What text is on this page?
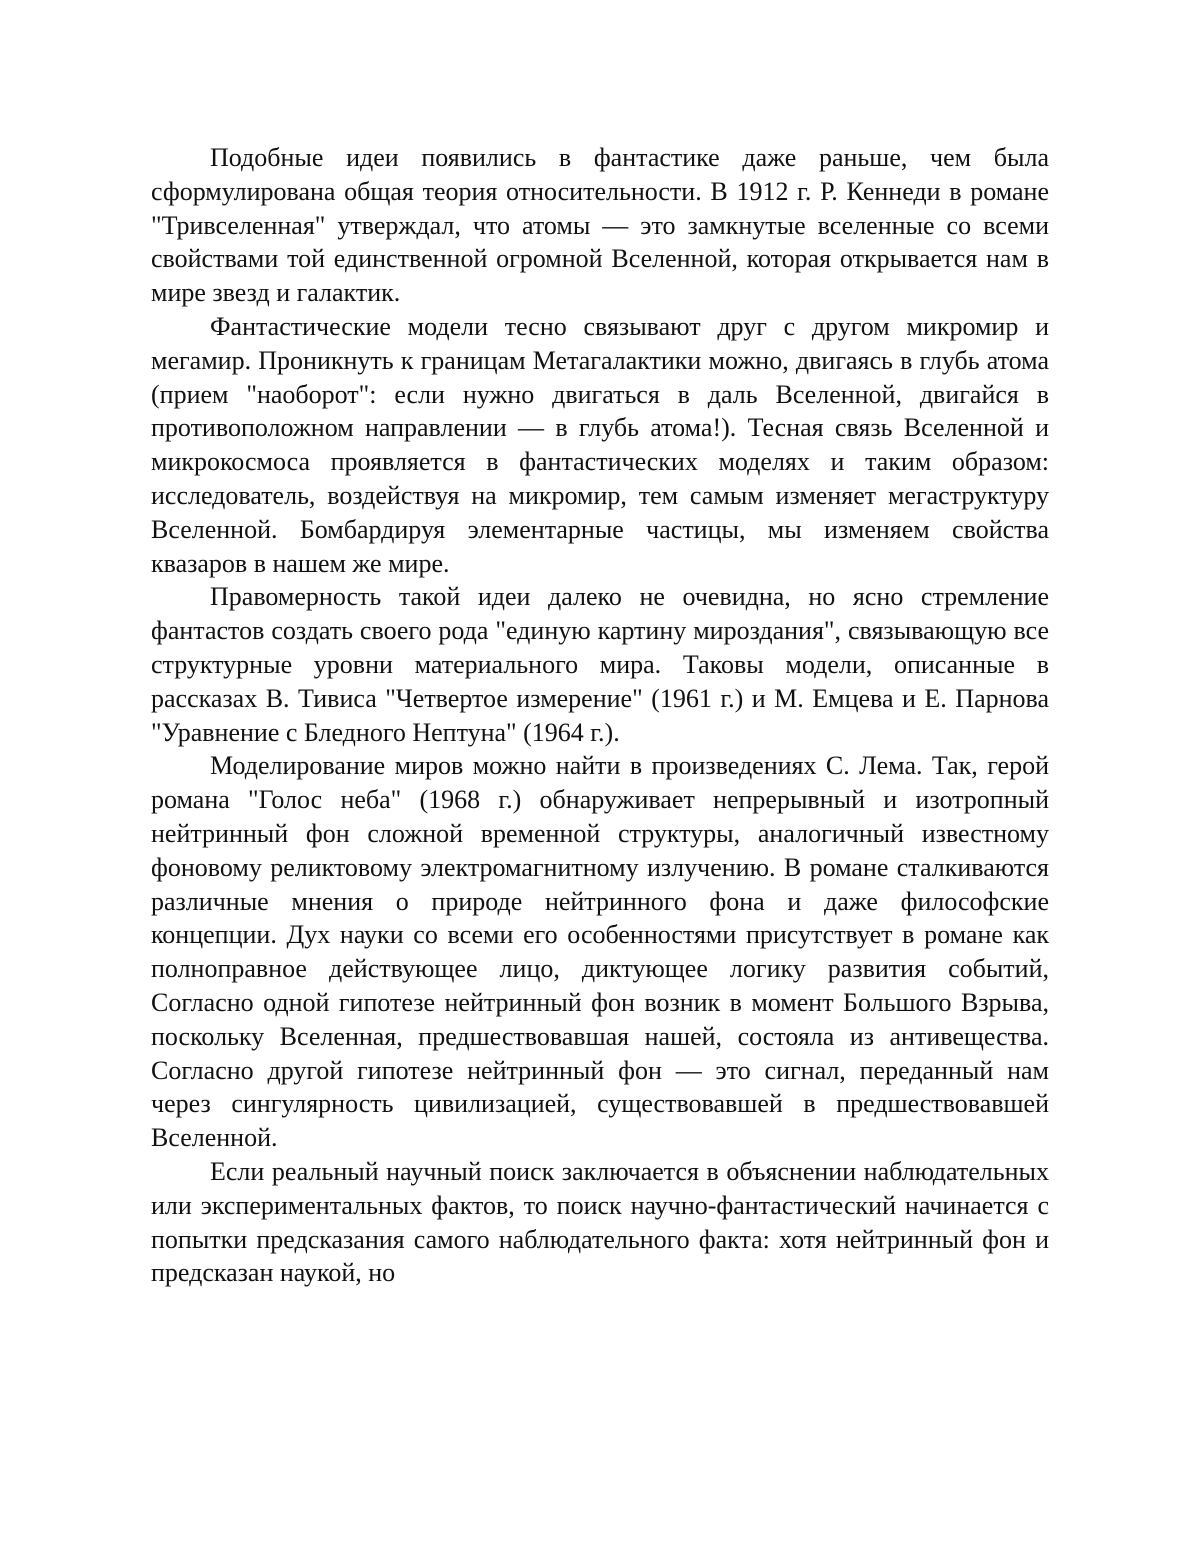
Подобные идеи появились в фантастике даже раньше, чем была сформулирована общая теория относительности. В 1912 г. Р. Кеннеди в романе "Тривселенная" утверждал, что атомы — это замкнутые вселенные со всеми свойствами той единственной огромной Вселенной, которая открывается нам в мире звезд и галактик.

Фантастические модели тесно связывают друг с другом микромир и мегамир. Проникнуть к границам Метагалактики можно, двигаясь в глубь атома (прием "наоборот": если нужно двигаться в даль Вселенной, двигайся в противоположном направлении — в глубь атома!). Тесная связь Вселенной и микрокосмоса проявляется в фантастических моделях и таким образом: исследователь, воздействуя на микромир, тем самым изменяет мегаструктуру Вселенной. Бомбардируя элементарные частицы, мы изменяем свойства квазаров в нашем же мире.

Правомерность такой идеи далеко не очевидна, но ясно стремление фантастов создать своего рода "единую картину мироздания", связывающую все структурные уровни материального мира. Таковы модели, описанные в рассказах В. Тивиса "Четвертое измерение" (1961 г.) и М. Емцева и Е. Парнова "Уравнение с Бледного Нептуна" (1964 г.).

Моделирование миров можно найти в произведениях С. Лема. Так, герой романа "Голос неба" (1968 г.) обнаруживает непрерывный и изотропный нейтринный фон сложной временной структуры, аналогичный известному фоновому реликтовому электромагнитному излучению. В романе сталкиваются различные мнения о природе нейтринного фона и даже философские концепции. Дух науки со всеми его особенностями присутствует в романе как полноправное действующее лицо, диктующее логику развития событий, Согласно одной гипотезе нейтринный фон возник в момент Большого Взрыва, поскольку Вселенная, предшествовавшая нашей, состояла из антивещества. Согласно другой гипотезе нейтринный фон — это сигнал, переданный нам через сингулярность цивилизацией, существовавшей в предшествовавшей Вселенной.

Если реальный научный поиск заключается в объяснении наблюдательных или экспериментальных фактов, то поиск научно-фантастический начинается с попытки предсказания самого наблюдательного факта: хотя нейтринный фон и предсказан наукой, но
